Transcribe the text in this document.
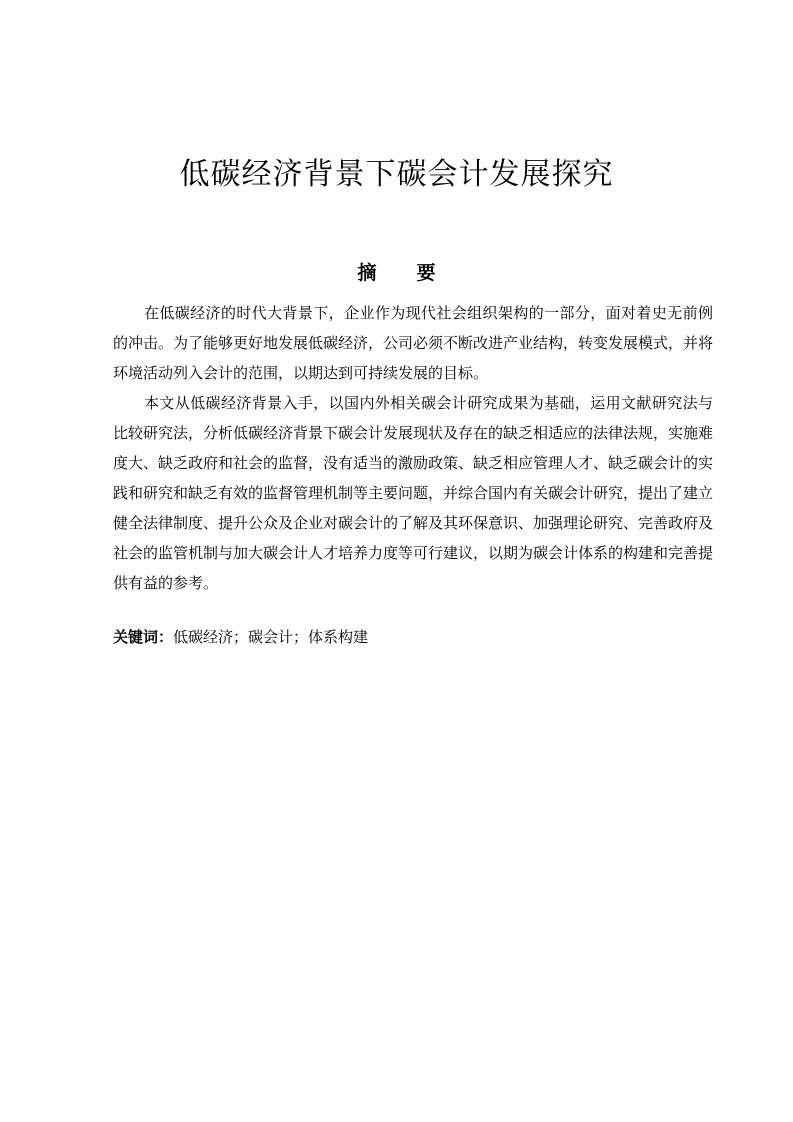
低碳经济背景下碳会计发展探究
摘 要

在低碳经济的时代大背景下，企业作为现代社会组织架构的一部分，面对着史无前例的冲击。为了能够更好地发展低碳经济，公司必须不断改进产业结构，转变发展模式，并将环境活动列入会计的范围，以期达到可持续发展的目标。

本文从低碳经济背景入手，以国内外相关碳会计研究成果为基础，运用文献研究法与比较研究法，分析低碳经济背景下碳会计发展现状及存在的缺乏相适应的法律法规，实施难度大、缺乏政府和社会的监督，没有适当的激励政策、缺乏相应管理人才、缺乏碳会计的实践和研究和缺乏有效的监督管理机制等主要问题，并综合国内有关碳会计研究，提出了建立健全法律制度、提升公众及企业对碳会计的了解及其环保意识、加强理论研究、完善政府及社会的监管机制与加大碳会计人才培养力度等可行建议，以期为碳会计体系的构建和完善提供有益的参考。

关键词：低碳经济；碳会计；体系构建
